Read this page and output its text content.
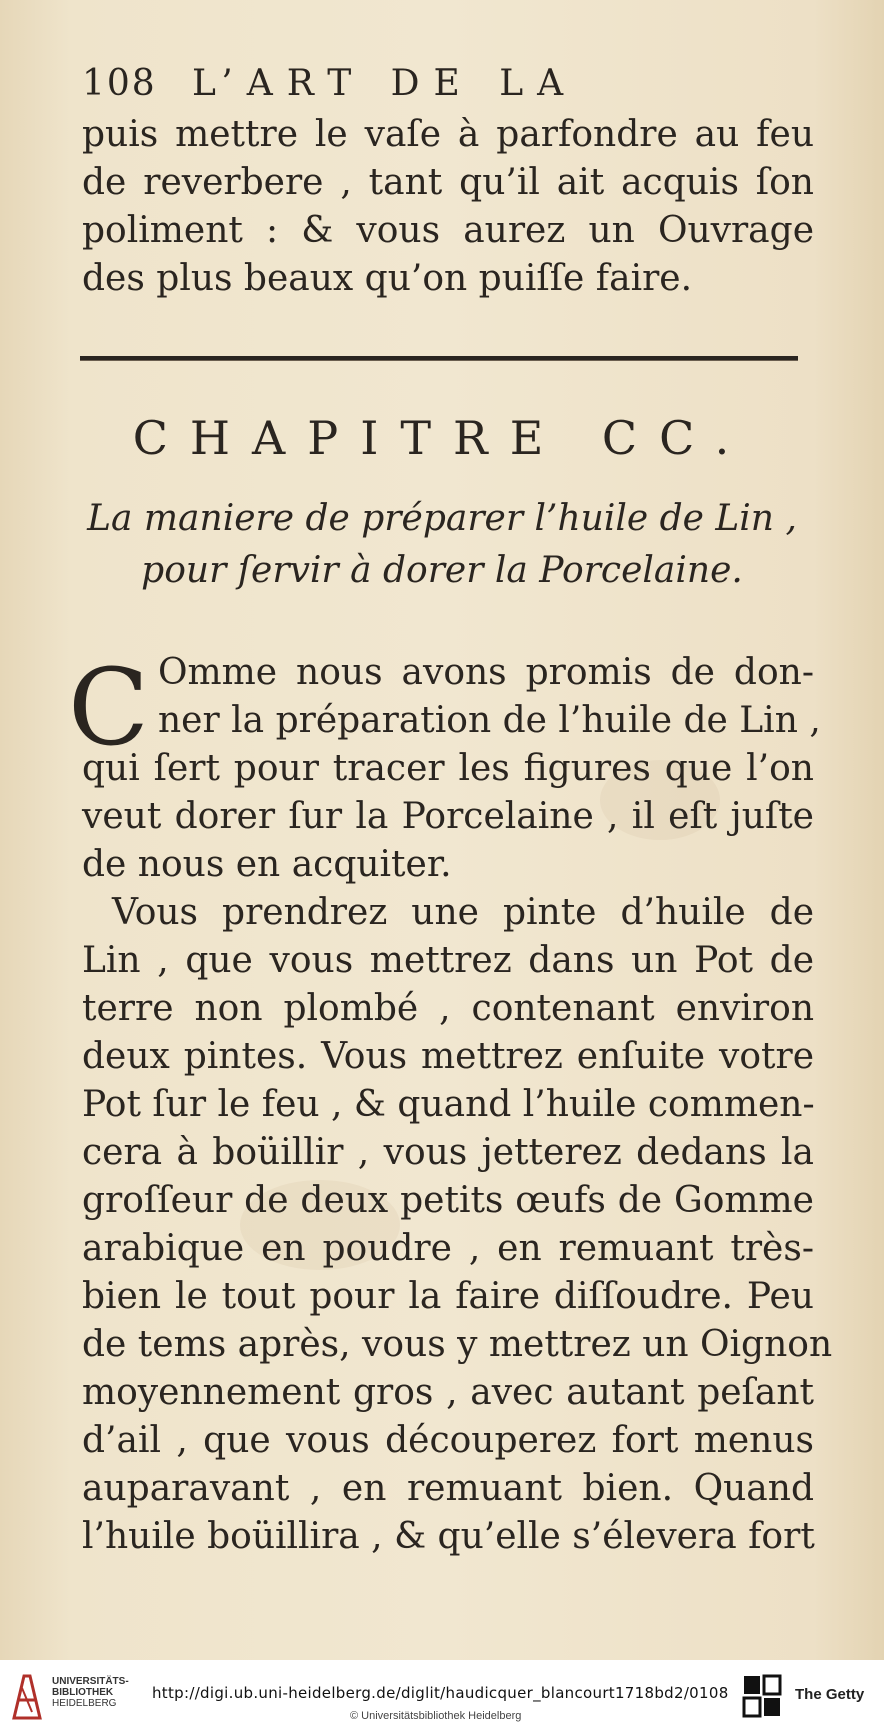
108 L’ART DE LA
puis mettre le vaſe à parfondre au feu
de reverbere , tant qu’il ait acquis ſon
poliment : & vous aurez un Ouvrage
des plus beaux qu’on puiſſe faire.
CHAPITRE CC.
La maniere de préparer l’huile de Lin ,
pour ſervir à dorer la Porcelaine.
C Omme nous avons promis de don-
ner la préparation de l’huile de Lin ,
qui ſert pour tracer les figures que l’on
veut dorer ſur la Porcelaine , il eſt juſte
de nous en acquiter.
Vous prendrez une pinte d’huile de
Lin , que vous mettrez dans un Pot de
terre non plombé , contenant environ
deux pintes. Vous mettrez enſuite votre
Pot ſur le feu , & quand l’huile commen-
cera à boüillir , vous jetterez dedans la
groſſeur de deux petits œufs de Gomme
arabique en poudre , en remuant très-
bien le tout pour la faire diſſoudre. Peu
de tems après, vous y mettrez un Oignon
moyennement gros , avec autant peſant
d’ail , que vous découperez fort menus
auparavant , en remuant bien. Quand
l’huile boüillira , & qu’elle s’élevera fort
UNIVERSITÄTS-
BIBLIOTHEK
HEIDELBERG
http://digi.ub.uni-heidelberg.de/diglit/haudicquer_blancourt1718bd2/0108
© Universitätsbibliothek Heidelberg
The Getty
